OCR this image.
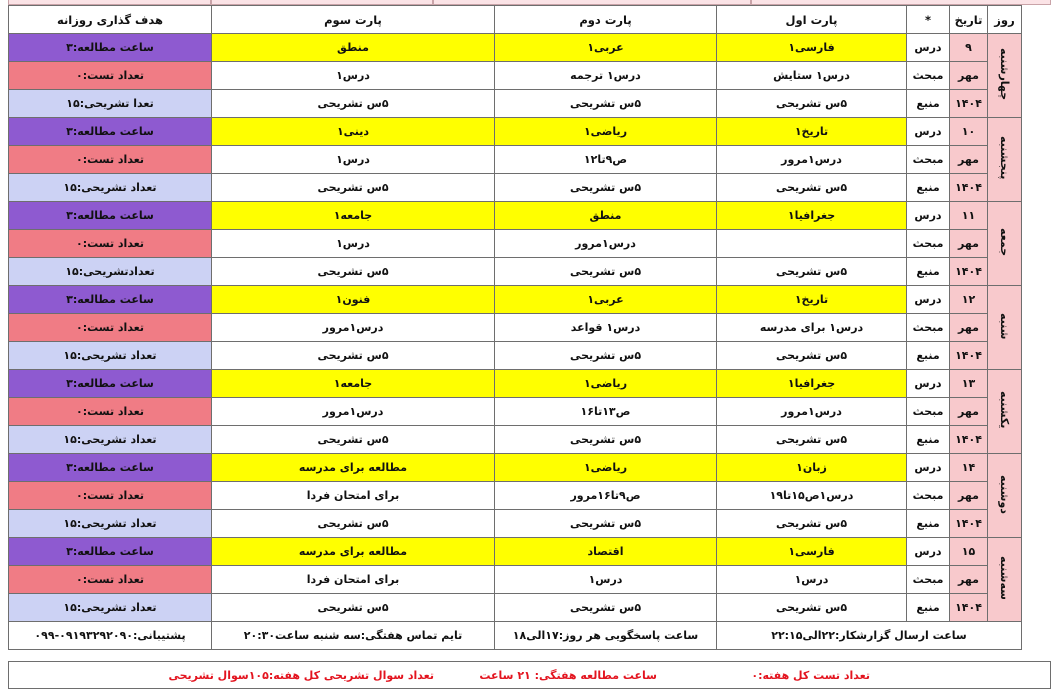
روز	تاریخ	*	پارت اول	پارت دوم	پارت سوم	هدف گذاری روزانه
چهارشنبه	۹	درس	فارسی۱	عربی۱	منطق	ساعت مطالعه:۳
	مهر	مبحث	درس۱ ستایش	درس۱ ترجمه	درس۱	تعداد تست:۰
	۱۴۰۴	منبع	۵س تشریحی	۵س تشریحی	۵س تشریحی	تعدا تشریحی:۱۵
پنجشنبه	۱۰	درس	تاریخ۱	ریاضی۱	دینی۱	ساعت مطالعه:۳
	مهر	مبحث	درس۱مرور	ص۹تا۱۲	درس۱	تعداد تست:۰
	۱۴۰۴	منبع	۵س تشریحی	۵س تشریحی	۵س تشریحی	تعداد تشریحی:۱۵
جمعه	۱۱	درس	جغرافیا۱	منطق	جامعه۱	ساعت مطالعه:۳
	مهر	مبحث		درس۱مرور	درس۱	تعداد تست:۰
	۱۴۰۴	منبع	۵س تشریحی	۵س تشریحی	۵س تشریحی	تعدادتشریحی:۱۵
شنبه	۱۲	درس	تاریخ۱	عربی۱	فنون۱	ساعت مطالعه:۳
	مهر	مبحث	درس۱ برای مدرسه	درس۱ قواعد	درس۱مرور	تعداد تست:۰
	۱۴۰۴	منبع	۵س تشریحی	۵س تشریحی	۵س تشریحی	تعداد تشریحی:۱۵
یکشنبه	۱۳	درس	جغرافیا۱	ریاضی۱	جامعه۱	ساعت مطالعه:۳
	مهر	مبحث	درس۱مرور	ص۱۳تا۱۶	درس۱مرور	تعداد تست:۰
	۱۴۰۴	منبع	۵س تشریحی	۵س تشریحی	۵س تشریحی	تعداد تشریحی:۱۵
دوشنبه	۱۴	درس	زبان۱	ریاضی۱	مطالعه برای مدرسه	ساعت مطالعه:۳
	مهر	مبحث	درس۱ص۱۵تا۱۹	ص۹تا۱۶مرور	برای امتحان فردا	تعداد تست:۰
	۱۴۰۴	منبع	۵س تشریحی	۵س تشریحی	۵س تشریحی	تعداد تشریحی:۱۵
سه‌شنبه	۱۵	درس	فارسی۱	اقتصاد	مطالعه برای مدرسه	ساعت مطالعه:۳
	مهر	مبحث	درس۱	درس۱	برای امتحان فردا	تعداد تست:۰
	۱۴۰۴	منبع	۵س تشریحی	۵س تشریحی	۵س تشریحی	تعداد تشریحی:۱۵
ساعت ارسال گزارشکار:۲۲الی۲۲:۱۵				ساعت پاسخگویی هر روز:۱۷الی۱۸	تایم تماس هفتگی:سه شنبه ساعت۲۰:۳۰	پشتیبانی:۰۹۱۹۳۲۹۲۰۹۰-۰۹۹
تعداد تست کل هفته:۰
ساعت مطالعه هفتگی: ۲۱ ساعت
تعداد سوال تشریحی کل هفته:۱۰۵سوال تشریحی
